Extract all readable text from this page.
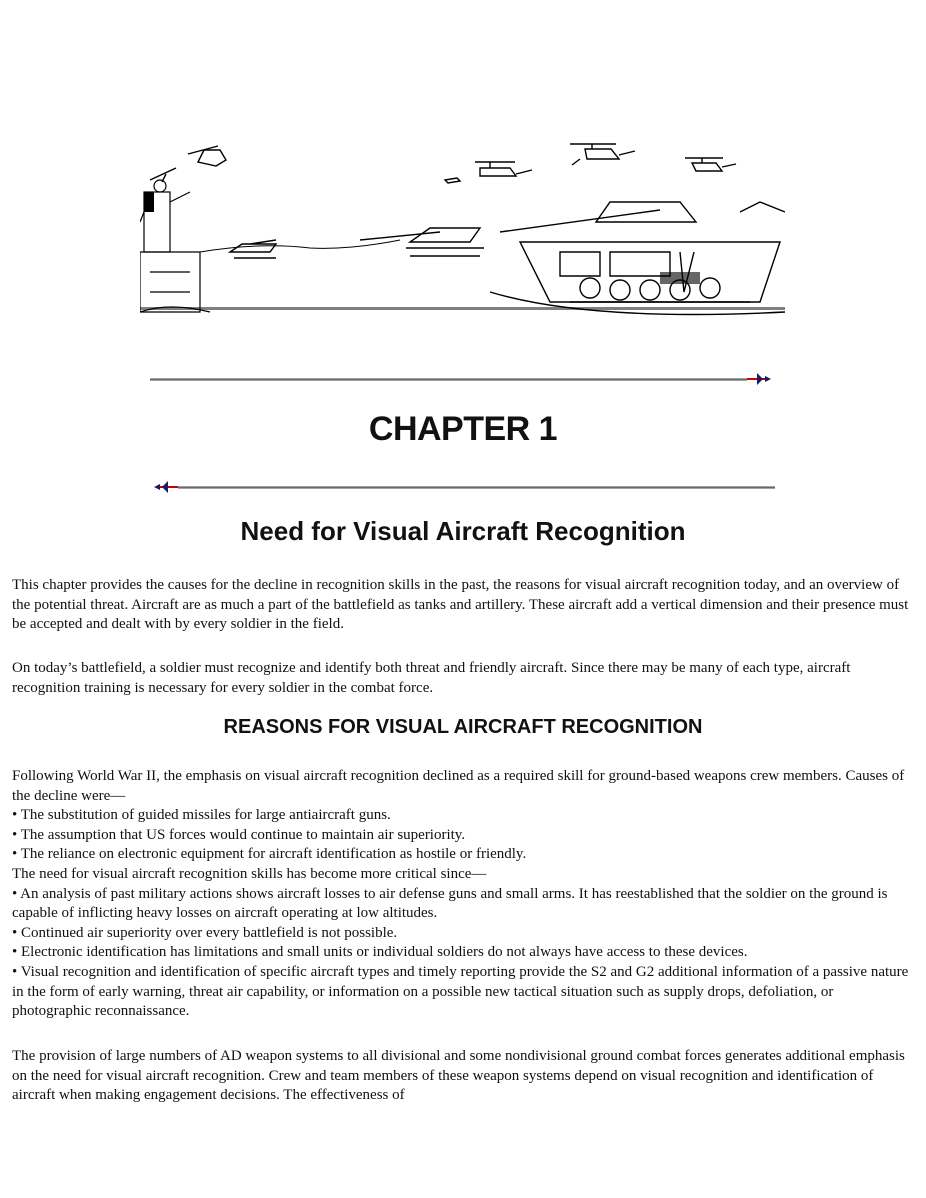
CHAPTER 1
Need for Visual Aircraft Recognition

This chapter provides the causes for the decline in recognition skills in the past, the reasons for visual aircraft recognition today, and an overview of the potential threat. Aircraft are as much a part of the battlefield as tanks and artillery. These aircraft add a vertical dimension and their presence must be accepted and dealt with by every soldier in the field.

On today’s battlefield, a soldier must recognize and identify both threat and friendly aircraft. Since there may be many of each type, aircraft recognition training is necessary for every soldier in the combat force.

REASONS FOR VISUAL AIRCRAFT RECOGNITION
Following World War II, the emphasis on visual aircraft recognition declined as a required skill for ground-based weapons crew members. Causes of the decline were—
• The substitution of guided missiles for large antiaircraft guns.
• The assumption that US forces would continue to maintain air superiority.
• The reliance on electronic equipment for aircraft identification as hostile or friendly.
The need for visual aircraft recognition skills has become more critical since—
• An analysis of past military actions shows aircraft losses to air defense guns and small arms. It has reestablished that the soldier on the ground is capable of inflicting heavy losses on aircraft operating at low altitudes.
• Continued air superiority over every battlefield is not possible.
• Electronic identification has limitations and small units or individual soldiers do not always have access to these devices.
• Visual recognition and identification of specific aircraft types and timely reporting provide the S2 and G2 additional information of a passive nature in the form of early warning, threat air capability, or information on a possible new tactical situation such as supply drops, defoliation, or photographic reconnaissance.

The provision of large numbers of AD weapon systems to all divisional and some nondivisional ground combat forces generates additional emphasis on the need for visual aircraft recognition. Crew and team members of these weapon systems depend on visual recognition and identification of aircraft when making engagement decisions. The effectiveness of
